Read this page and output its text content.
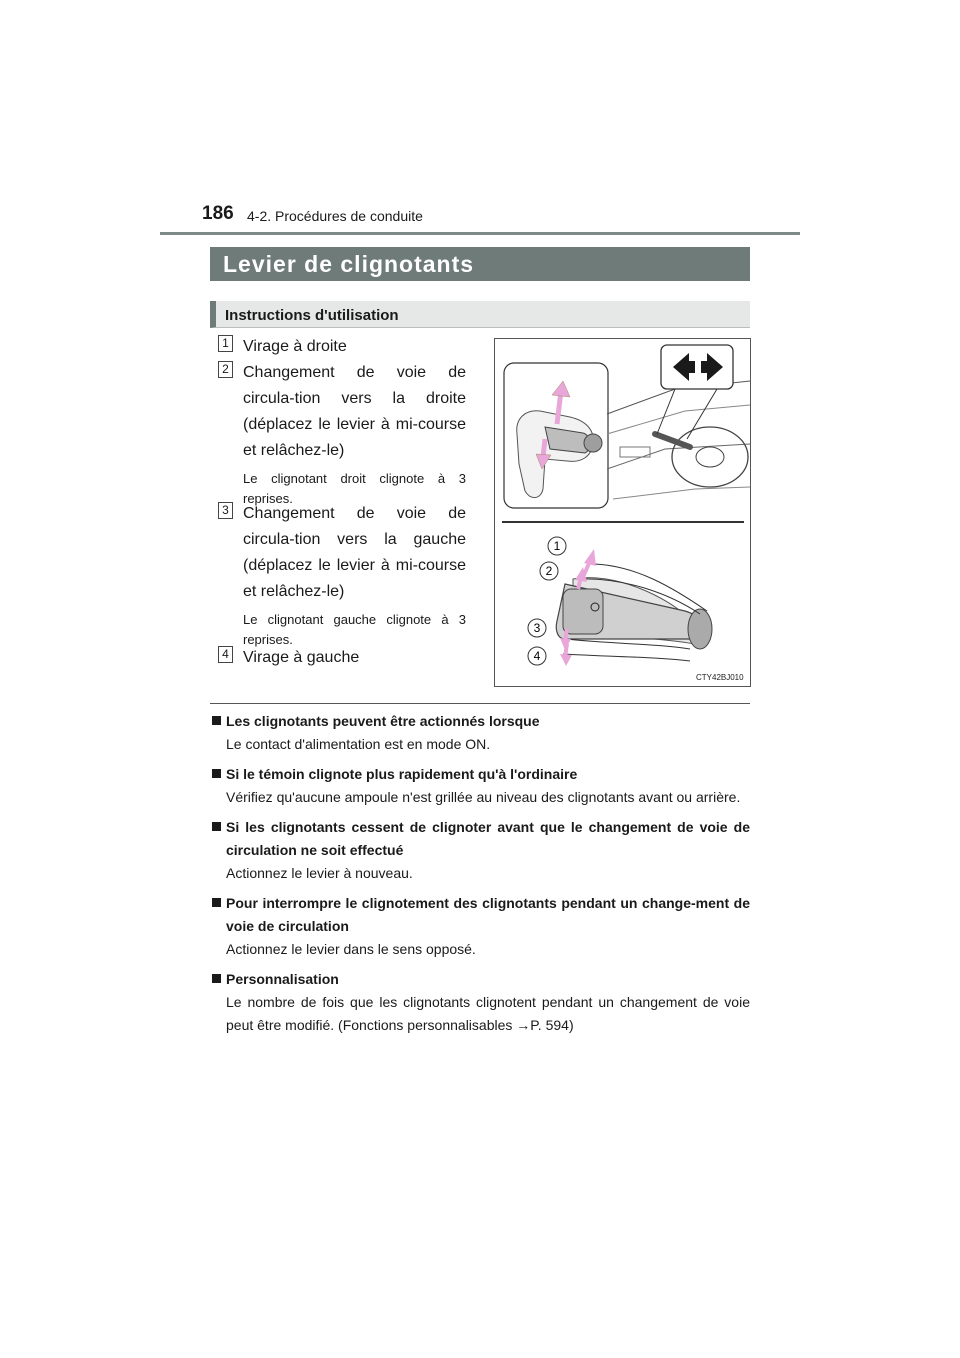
186 4-2. Procédures de conduite
Levier de clignotants
Instructions d'utilisation
1 Virage à droite
2 Changement de voie de circula-tion vers la droite (déplacez le levier à mi-course et relâchez-le)
Le clignotant droit clignote à 3 reprises.
3 Changement de voie de circula-tion vers la gauche (déplacez le levier à mi-course et relâchez-le)
Le clignotant gauche clignote à 3 reprises.
4 Virage à gauche
1
2
3
4
CTY42BJ010
Les clignotants peuvent être actionnés lorsque
Le contact d'alimentation est en mode ON.
Si le témoin clignote plus rapidement qu'à l'ordinaire
Vérifiez qu'aucune ampoule n'est grillée au niveau des clignotants avant ou arrière.
Si les clignotants cessent de clignoter avant que le changement de voie de circulation ne soit effectué
Actionnez le levier à nouveau.
Pour interrompre le clignotement des clignotants pendant un change-ment de voie de circulation
Actionnez le levier dans le sens opposé.
Personnalisation
Le nombre de fois que les clignotants clignotent pendant un changement de voie peut être modifié. (Fonctions personnalisables →P. 594)
